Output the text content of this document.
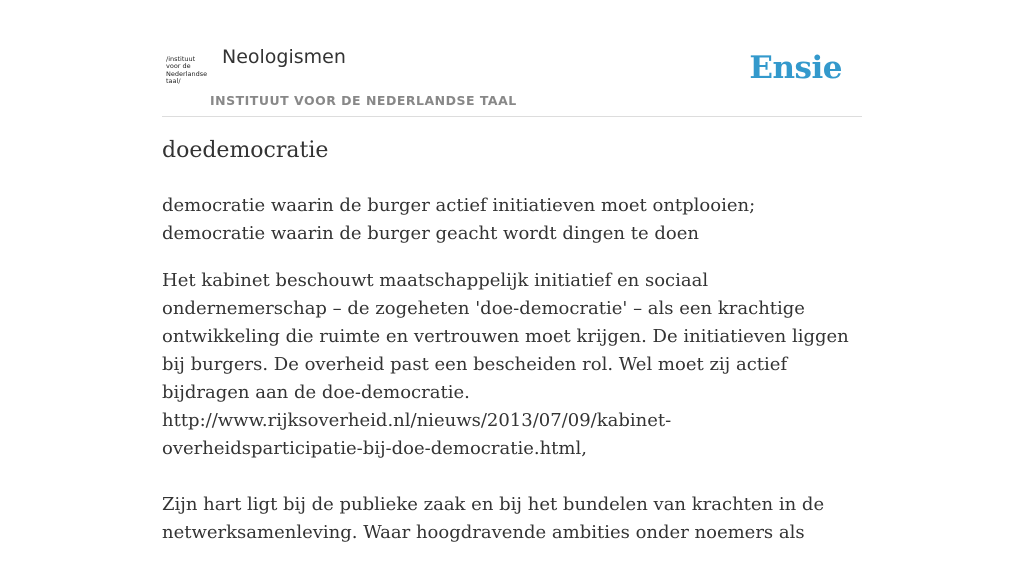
/instituut
voor de
Nederlandse
taal/
Neologismen
INSTITUUT VOOR DE NEDERLANDSE TAAL
Ensie
doedemocratie
democratie waarin de burger actief initiatieven moet ontplooien; democratie waarin de burger geacht wordt dingen te doen

Het kabinet beschouwt maatschappelijk initiatief en sociaal ondernemerschap – de zogeheten 'doe-democratie' – als een krachtige ontwikkeling die ruimte en vertrouwen moet krijgen. De initiatieven liggen bij burgers. De overheid past een bescheiden rol. Wel moet zij actief bijdragen aan de doe-democratie. http://www.rijksoverheid.nl/nieuws/2013/07/09/kabinet-overheidsparticipatie-bij-doe-democratie.html,

Zijn hart ligt bij de publieke zaak en bij het bundelen van krachten in de netwerksamenleving. Waar hoogdravende ambities onder noemers als
